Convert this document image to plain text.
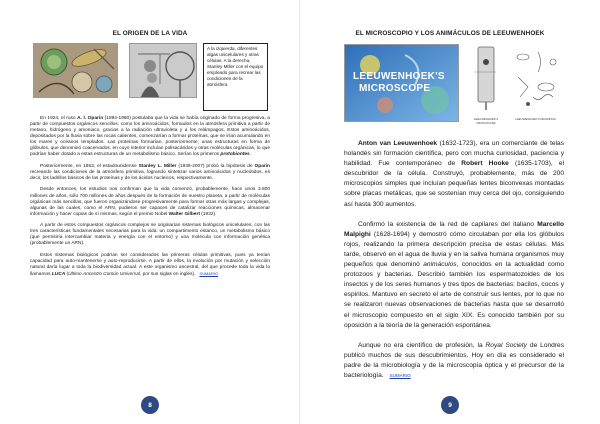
EL ORIGEN DE LA VIDA
A la izquierda, diferentes algas unicelulares y otras células. A la derecha, Stanley Miller con el equipo empleado para recrear las condiciones de la atmósfera

En 1924, el ruso A. I. Oparin (1894-1980) postulaba que la vida se había originado de forma progresiva, a partir de compuestos orgánicos sencillos, como los aminoácidos, formados en la atmósfera primitiva a partir de metano, hidrógeno y amoniaco, gracias a la radiación ultravioleta y a los relámpagos. Estos aminoácidos, depositados por la lluvia sobre las rocas calientes, comenzarían a formar proteínas, que se irían acumulando en los mares y océanos templados. Las proteínas formarían, posteriormente, unas estructuras en forma de glóbulos, que denominó coacervados, en cuyo interior incluían polisacáridos y otras moléculas orgánicas, lo que podrían haber dotado a estas estructuras de un metabolismo básico. Serían los primeros protobiontes.

Posteriormente, en 1953, el estadounidense Stanley L. Miller (1939-2007) probó la hipótesis de Oparin recreando las condiciones de la atmósfera primitiva, logrando sintetizar varios aminoácidos y nucleótidos, es decir, los ladrillos básicos de las proteínas y de los ácidos nucleicos, respectivamente.

Desde entonces, los estudios nos confirman que la vida comenzó, probablemente, hace unos 3.800 millones de años, sólo 700 millones de años después de la formación de nuestro planeta, a partir de moléculas orgánicas más sencillas, que fueron organizándose progresivamente para formar otras más largas y complejas, algunas de las cuales, como el ARN, pudieron ser capaces de catalizar reacciones químicas, almacenar información y hacer copias de sí mismas, según el premio Nobel Walter Gilbert (1932).

A partir de estos compuestos orgánicos complejos se originarían sistemas biológicos unicelulares, con las tres características fundamentales necesarias para la vida: un compartimento estanco, un metabolismo básico (que permitiría intercambiar materia y energía con el entorno) y una molécula con información genética (probablemente un ARN).

Estos sistemas biológicos podrían ser considerados las primeras células primitivas, pues ya tenían capacidad para auto-mantenerse y auto-reproducirse. A partir de ellos, la evolución por mutación y selección natural daría lugar a toda la biodiversidad actual. A este organismo ancestral, del que procede toda la vida lo llamamos LUCA (Último Ancestro Común Universal, por sus siglas en inglés). SUMARIO

8
EL MICROSCOPIO Y LOS ANIMÁCULOS DE LEEUWENHOEK
LEEUWENHOEK'S
MICROSCOPE
LEEUWENHOEK'S MICROSCOPE
LEEUWENHOEK'S DRAWINGS

Anton van Leeuwenhoek (1632-1723), era un comerciante de telas holandés sin formación científica, pero con mucha curiosidad, paciencia y habilidad. Fue contemporáneo de Robert Hooke (1635-1703), el descubridor de la célula. Construyó, probablemente, más de 200 microscopios simples que incluían pequeñas lentes biconvexas montadas sobre placas metálicas, que se sostenían muy cerca del ojo, consiguiendo así hasta 300 aumentos.

Confirmó la existencia de la red de capilares del italiano Marcello Malpighi (1628-1694) y demostró cómo circulaban por ella los glóbulos rojos, realizando la primera descripción precisa de estas células. Más tarde, observó en el agua de lluvia y en la saliva humana organismos muy pequeños que denominó animáculos, conocidos en la actualidad como protozoos y bacterias. Describió también los espermatozoides de los insectos y de los seres humanos y tres tipos de bacterias: bacilos, cocos y espirilos. Mantuvo en secreto el arte de construir sus lentes, por lo que no se realizaron nuevas observaciones de bacterias hasta que se desarrolló el microscopio compuesto en el siglo XIX. Es conocido también por su oposición a la teoría de la generación espontánea.

Aunque no era científico de profesión, la Royal Society de Londres publicó muchos de sus descubrimientos. Hoy en día es considerado el padre de la microbiología y de la microscopía óptica y el precursor de la bacteriología. SUMARIO

9
